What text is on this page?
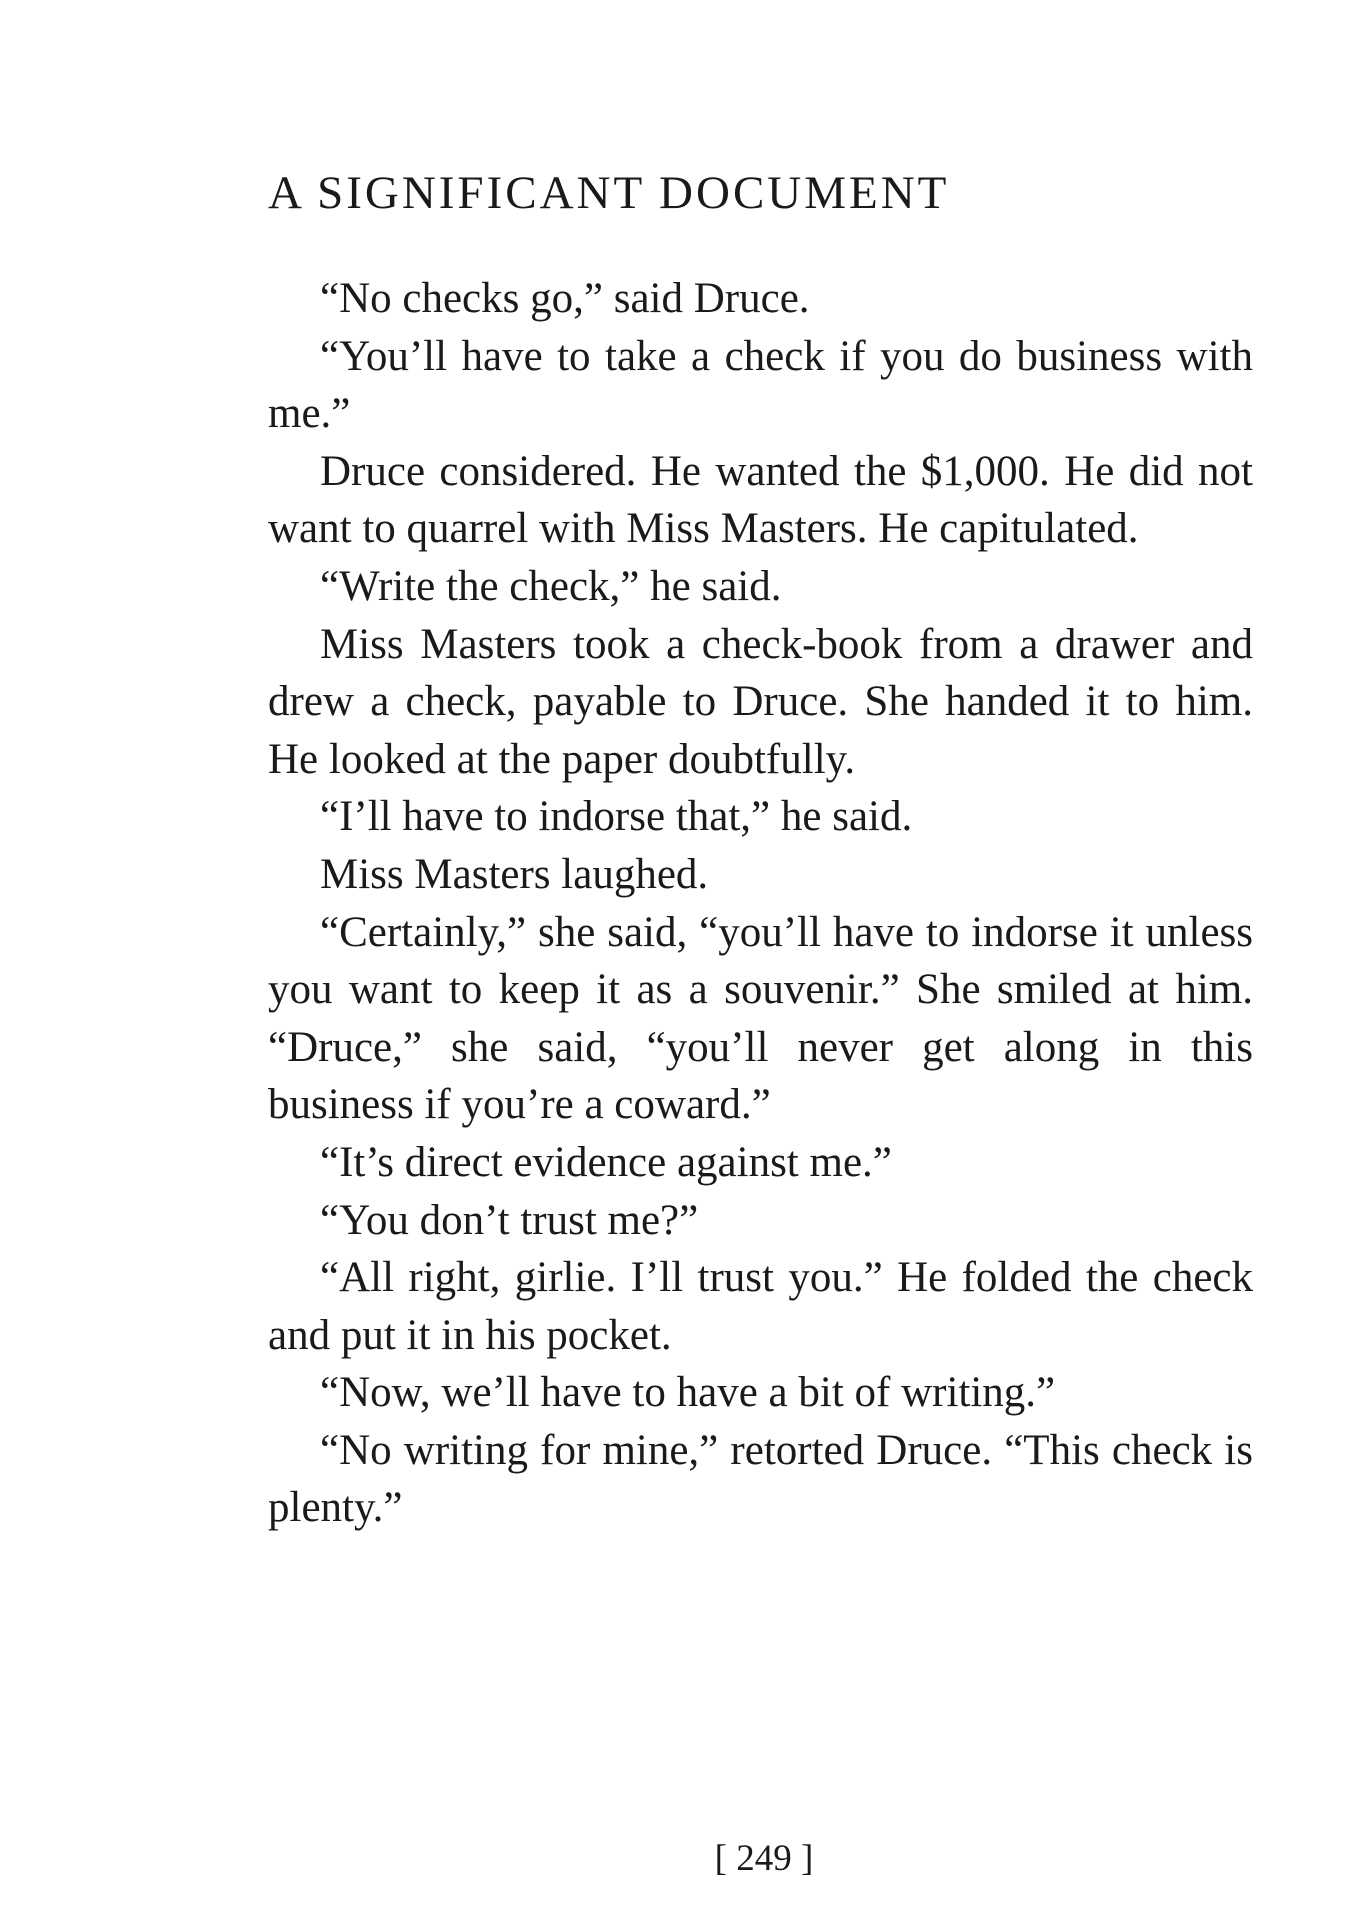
A SIGNIFICANT DOCUMENT

“No checks go,” said Druce.

“You’ll have to take a check if you do business with me.”

Druce considered. He wanted the $1,000. He did not want to quarrel with Miss Masters. He capitulated.

“Write the check,” he said.

Miss Masters took a check-book from a drawer and drew a check, payable to Druce. She handed it to him. He looked at the paper doubtfully.

“I’ll have to indorse that,” he said.

Miss Masters laughed.

“Certainly,” she said, “you’ll have to indorse it unless you want to keep it as a souvenir.” She smiled at him. “Druce,” she said, “you’ll never get along in this business if you’re a coward.”

“It’s direct evidence against me.”

“You don’t trust me?”

“All right, girlie. I’ll trust you.” He folded the check and put it in his pocket.

“Now, we’ll have to have a bit of writing.”

“No writing for mine,” retorted Druce. “This check is plenty.”

[ 249 ]
